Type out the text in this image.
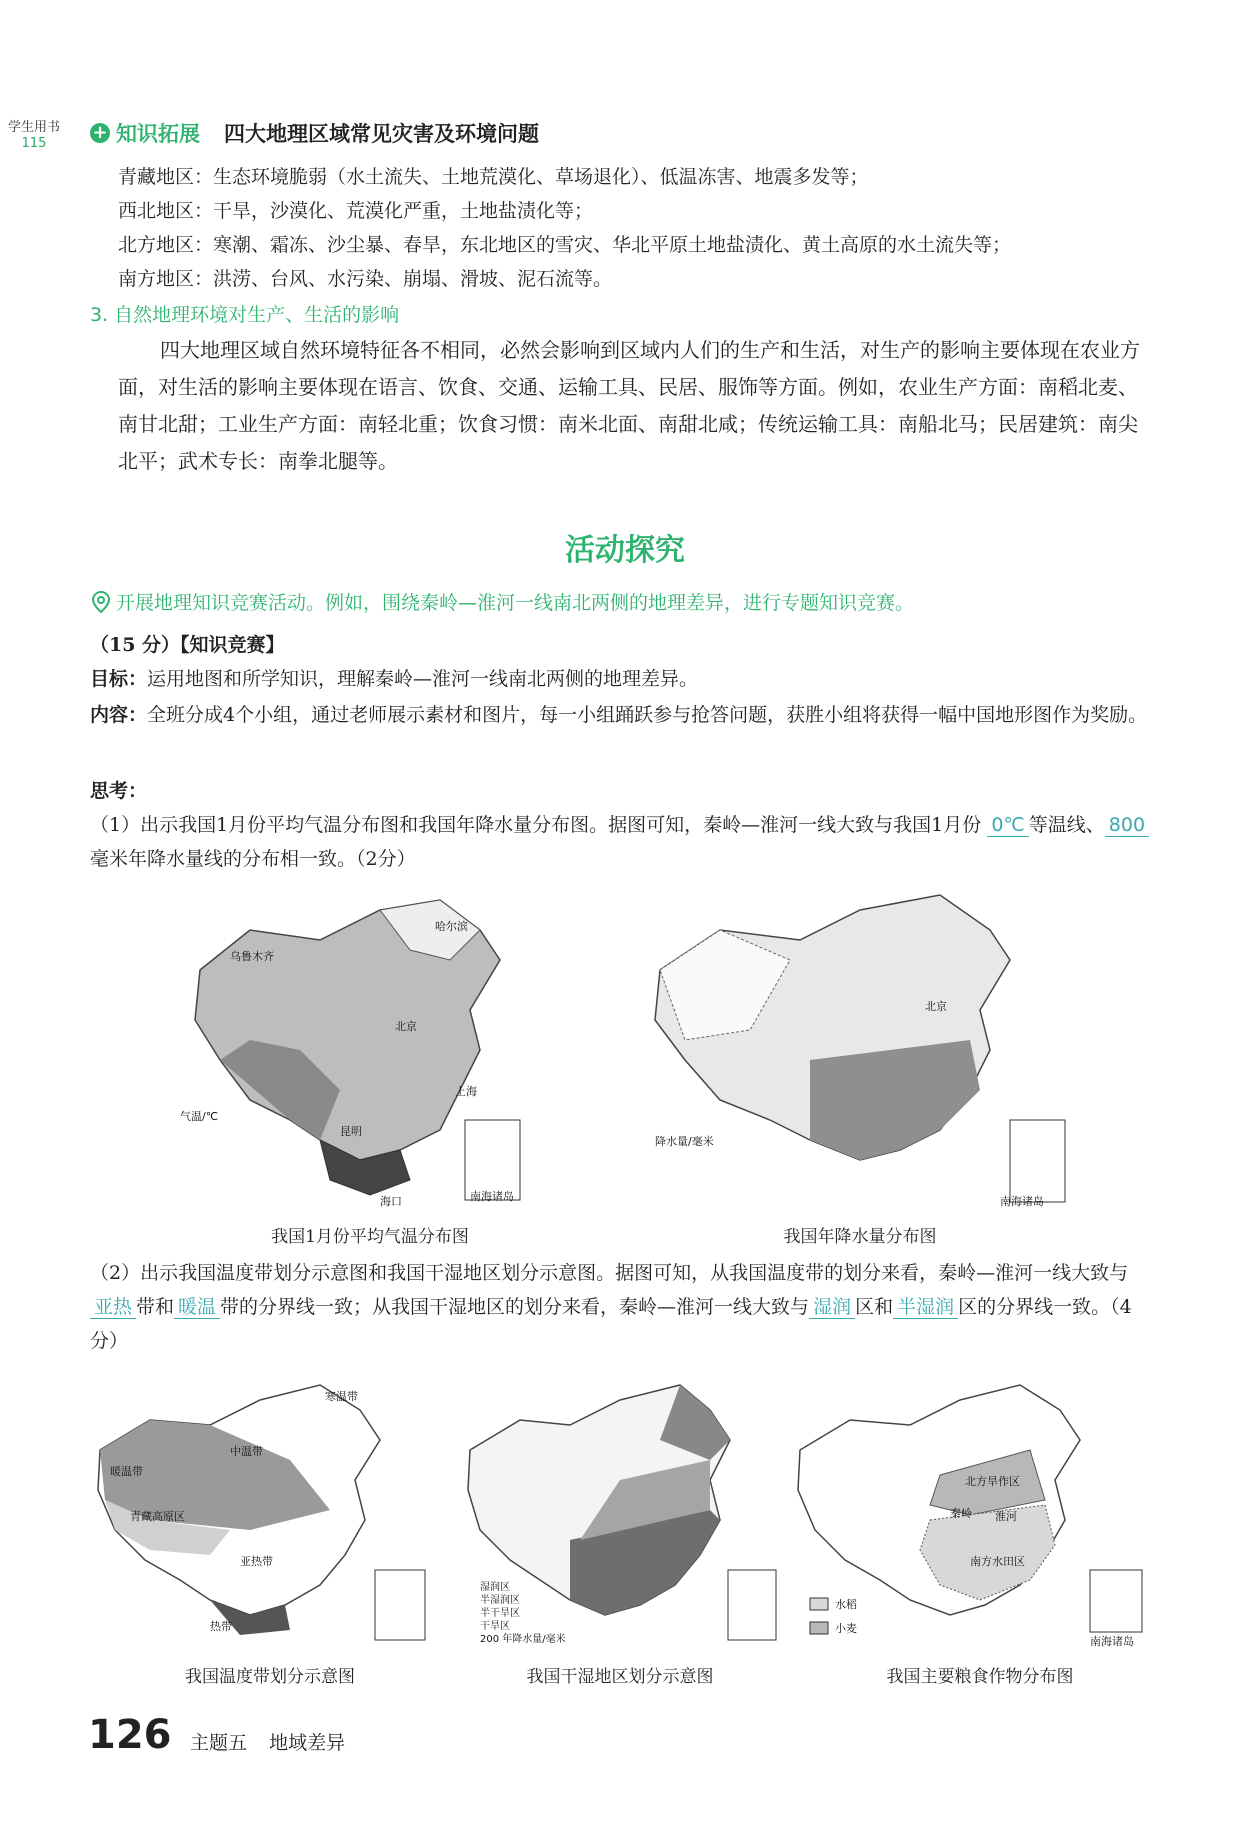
学生用书
115
+ 知识拓展 四大地理区域常见灾害及环境问题
青藏地区：生态环境脆弱（水土流失、土地荒漠化、草场退化）、低温冻害、地震多发等；
西北地区：干旱，沙漠化、荒漠化严重，土地盐渍化等；
北方地区：寒潮、霜冻、沙尘暴、春旱，东北地区的雪灾、华北平原土地盐渍化、黄土高原的水土流失等；
南方地区：洪涝、台风、水污染、崩塌、滑坡、泥石流等。
3. 自然地理环境对生产、生活的影响
四大地理区域自然环境特征各不相同，必然会影响到区域内人们的生产和生活，对生产的影响主要体现在农业方面，对生活的影响主要体现在语言、饮食、交通、运输工具、民居、服饰等方面。例如，农业生产方面：南稻北麦、南甘北甜；工业生产方面：南轻北重；饮食习惯：南米北面、南甜北咸；传统运输工具：南船北马；民居建筑：南尖北平；武术专长：南拳北腿等。
活动探究
开展地理知识竞赛活动。例如，围绕秦岭—淮河一线南北两侧的地理差异，进行专题知识竞赛。
（15 分）【知识竞赛】
目标：运用地图和所学知识，理解秦岭—淮河一线南北两侧的地理差异。
内容：全班分成4个小组，通过老师展示素材和图片，每一小组踊跃参与抢答问题，获胜小组将获得一幅中国地形图作为奖励。
思考：
（1）出示我国1月份平均气温分布图和我国年降水量分布图。据图可知，秦岭—淮河一线大致与我国1月份 0℃ 等温线、 800毫米年降水量线的分布相一致。（2分）
乌鲁木齐
北京
哈尔滨
上海
昆明
海口
气温/℃
南海诸岛
我国1月份平均气温分布图
北京
降水量/毫米
南海诸岛
我国年降水量分布图
（2）出示我国温度带划分示意图和我国干湿地区划分示意图。据图可知，从我国温度带的划分来看，秦岭—淮河一线大致与亚热 带和 暖温 带的分界线一致；从我国干湿地区的划分来看，秦岭—淮河一线大致与 湿润 区和 半湿润 区的分界线一致。（4分）
寒温带
中温带
暖温带
青藏高原区
亚热带
热带
我国温度带划分示意图
湿润区
半湿润区
半干旱区
干旱区
200 年降水量/毫米
我国干湿地区划分示意图
北方旱作区
秦岭 淮河
南方水田区
水稻
小麦
南海诸岛
我国主要粮食作物分布图
126 主题五 地域差异
